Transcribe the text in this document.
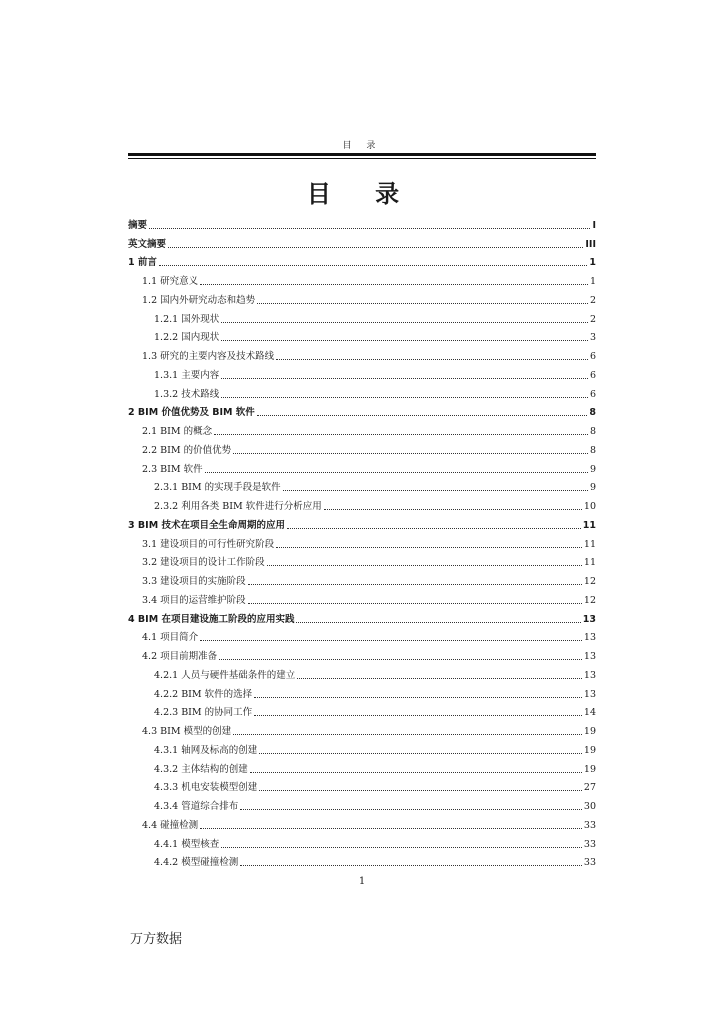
目 录
目 录
摘要	I
英文摘要	III
1 前言	1
1.1 研究意义	1
1.2 国内外研究动态和趋势	2
1.2.1 国外现状	2
1.2.2 国内现状	3
1.3 研究的主要内容及技术路线	6
1.3.1 主要内容	6
1.3.2 技术路线	6
2 BIM 价值优势及 BIM 软件	8
2.1 BIM 的概念	8
2.2 BIM 的价值优势	8
2.3 BIM 软件	9
2.3.1 BIM 的实现手段是软件	9
2.3.2 利用各类 BIM 软件进行分析应用	10
3 BIM 技术在项目全生命周期的应用	11
3.1 建设项目的可行性研究阶段	11
3.2 建设项目的设计工作阶段	11
3.3 建设项目的实施阶段	12
3.4 项目的运营维护阶段	12
4 BIM 在项目建设施工阶段的应用实践	13
4.1 项目简介	13
4.2 项目前期准备	13
4.2.1 人员与硬件基础条件的建立	13
4.2.2 BIM 软件的选择	13
4.2.3 BIM 的协同工作	14
4.3 BIM 模型的创建	19
4.3.1 轴网及标高的创建	19
4.3.2 主体结构的创建	19
4.3.3 机电安装模型创建	27
4.3.4 管道综合排布	30
4.4 碰撞检测	33
4.4.1 模型核查	33
4.4.2 模型碰撞检测	33
1
万方数据
